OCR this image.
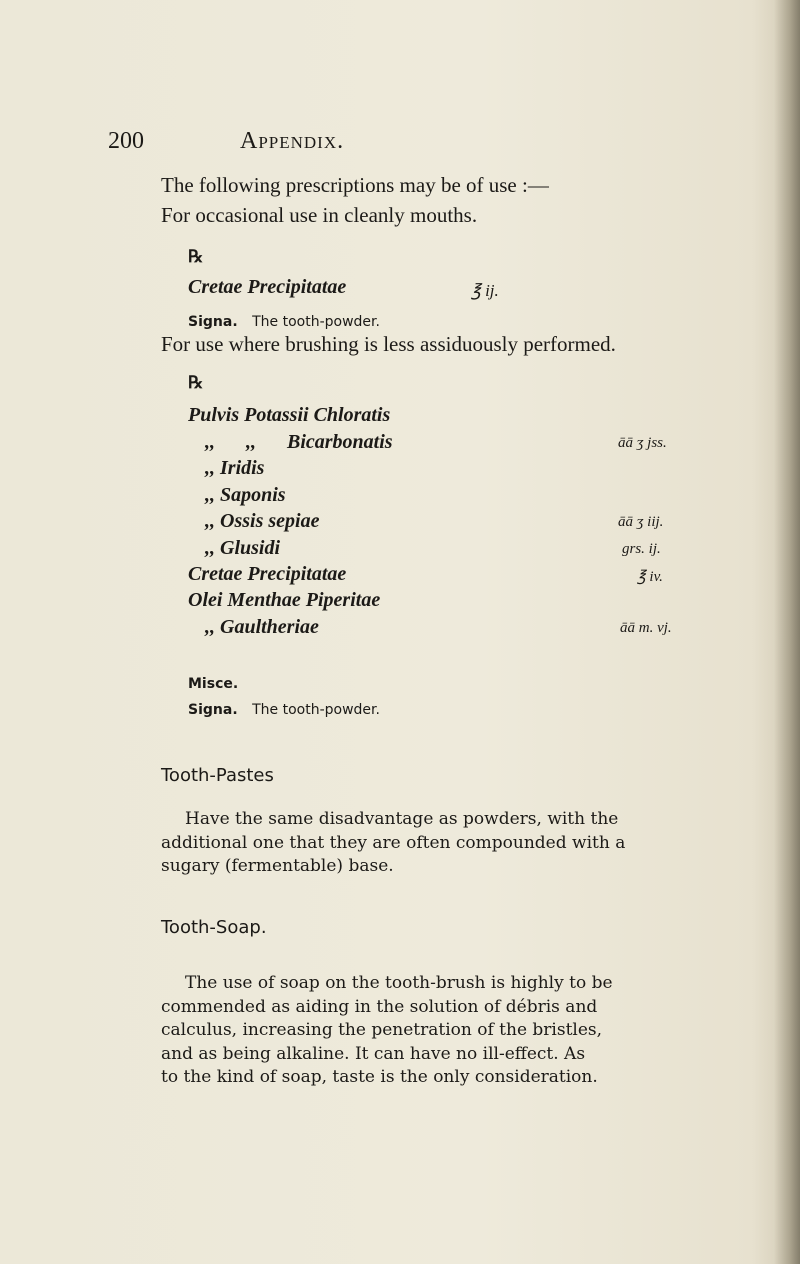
200	Appendix.
The following prescriptions may be of use :—
For occasional use in cleanly mouths.
℞
Cretae Precipitatae	℥ ij.
Signa. The tooth-powder.
For use where brushing is less assiduously performed.
℞
Pulvis Potassii Chloratis
,, ,, Bicarbonatis	āā ʒ jss.
,, Iridis
,, Saponis
,, Ossis sepiae	āā ʒ iij.
,, Glusidi	grs. ij.
Cretae Precipitatae	℥ iv.
Olei Menthae Piperitae
,, Gaultheriae	āā m. vj.
Misce.
Signa. The tooth-powder.
Tooth-Pastes
Have the same disadvantage as powders, with the
additional one that they are often compounded with a
sugary (fermentable) base.
Tooth-Soap.
The use of soap on the tooth-brush is highly to be
commended as aiding in the solution of débris and
calculus, increasing the penetration of the bristles,
and as being alkaline. It can have no ill-effect. As
to the kind of soap, taste is the only consideration.
